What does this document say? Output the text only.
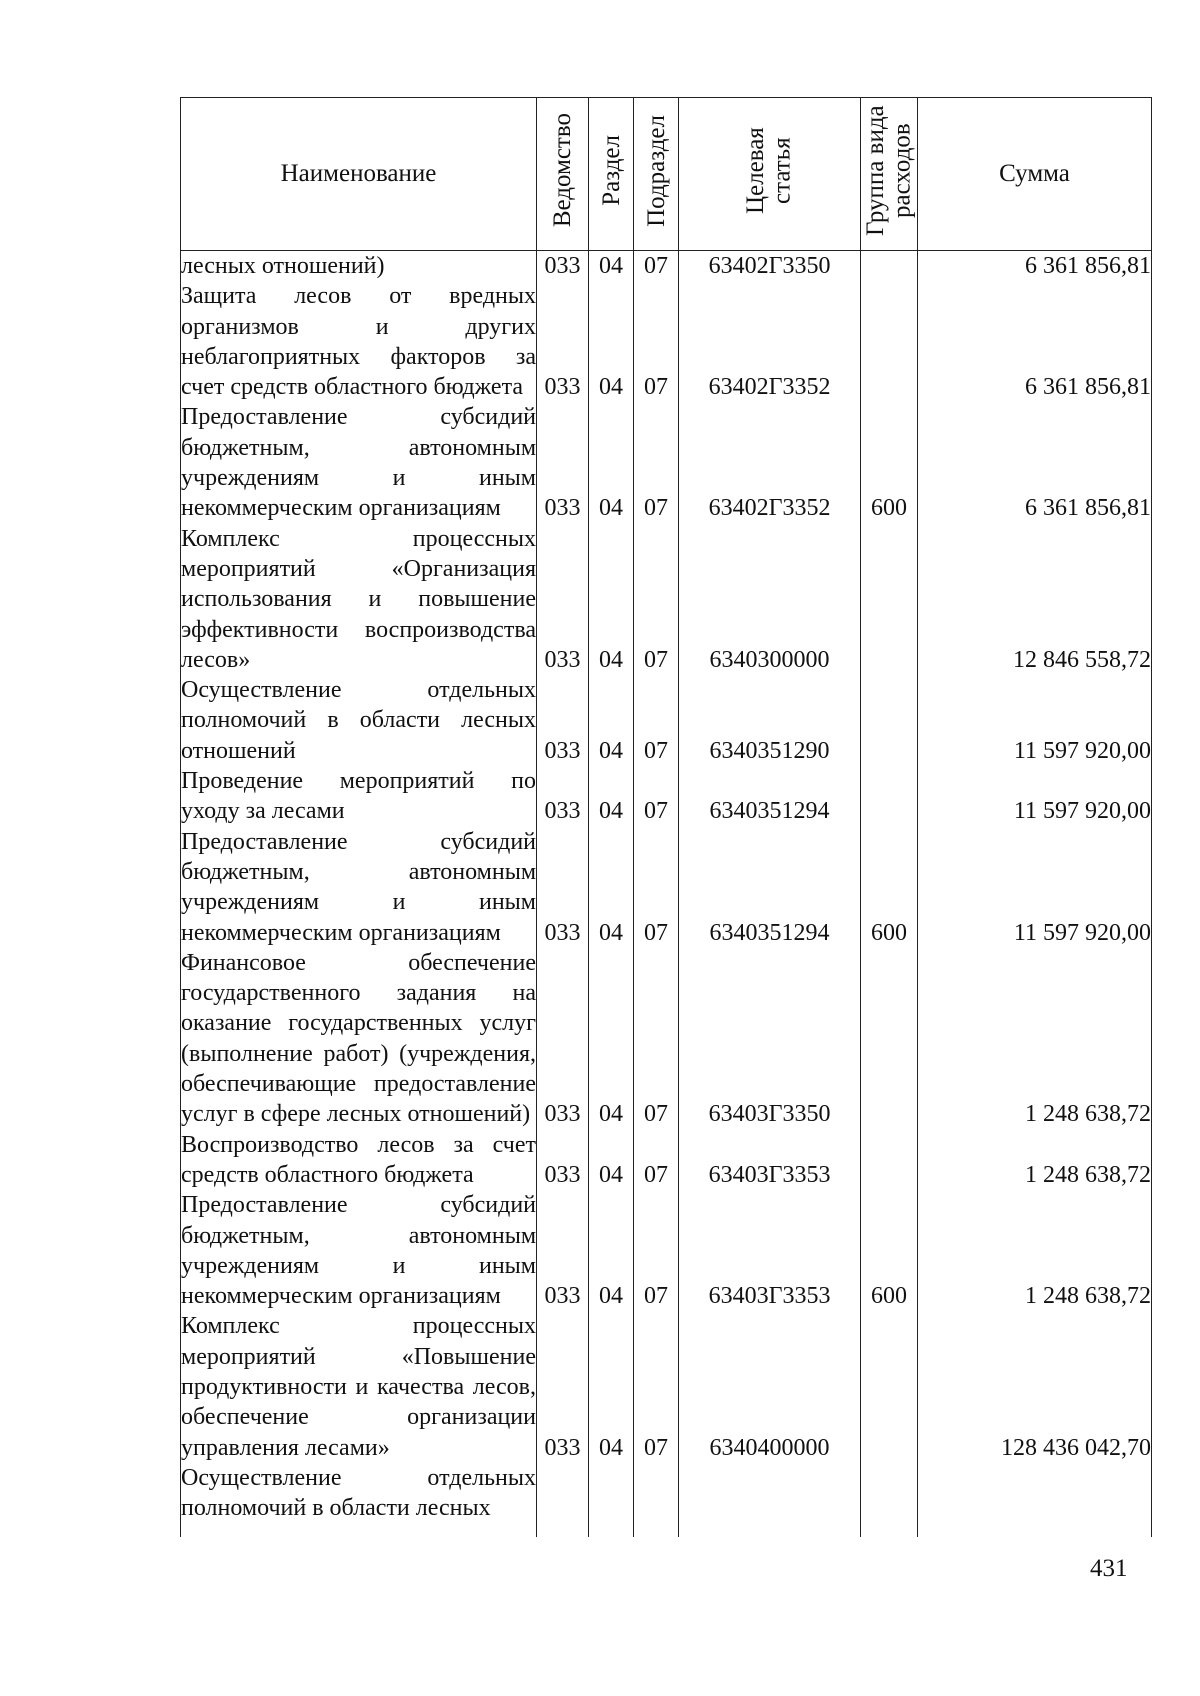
Наименование	Ведомство	Раздел	Подраздел	Целевая статья	Группа вида расходов	Сумма
лесных отношений)	033	04	07	63402Г3350		6 361 856,81
Защита лесов от вредных организмов и других неблагоприятных факторов за счет средств областного бюджета	033	04	07	63402Г3352		6 361 856,81
Предоставление субсидий бюджетным, автономным учреждениям и иным некоммерческим организациям	033	04	07	63402Г3352	600	6 361 856,81
Комплекс процессных мероприятий «Организация использования и повышение эффективности воспроизводства лесов»	033	04	07	6340300000		12 846 558,72
Осуществление отдельных полномочий в области лесных отношений	033	04	07	6340351290		11 597 920,00
Проведение мероприятий по уходу за лесами	033	04	07	6340351294		11 597 920,00
Предоставление субсидий бюджетным, автономным учреждениям и иным некоммерческим организациям	033	04	07	6340351294	600	11 597 920,00
Финансовое обеспечение государственного задания на оказание государственных услуг (выполнение работ) (учреждения, обеспечивающие предоставление услуг в сфере лесных отношений)	033	04	07	63403Г3350		1 248 638,72
Воспроизводство лесов за счет средств областного бюджета	033	04	07	63403Г3353		1 248 638,72
Предоставление субсидий бюджетным, автономным учреждениям и иным некоммерческим организациям	033	04	07	63403Г3353	600	1 248 638,72
Комплекс процессных мероприятий «Повышение продуктивности и качества лесов, обеспечение организации управления лесами»	033	04	07	6340400000		128 436 042,70
Осуществление отдельных полномочий в области лесных						

431
